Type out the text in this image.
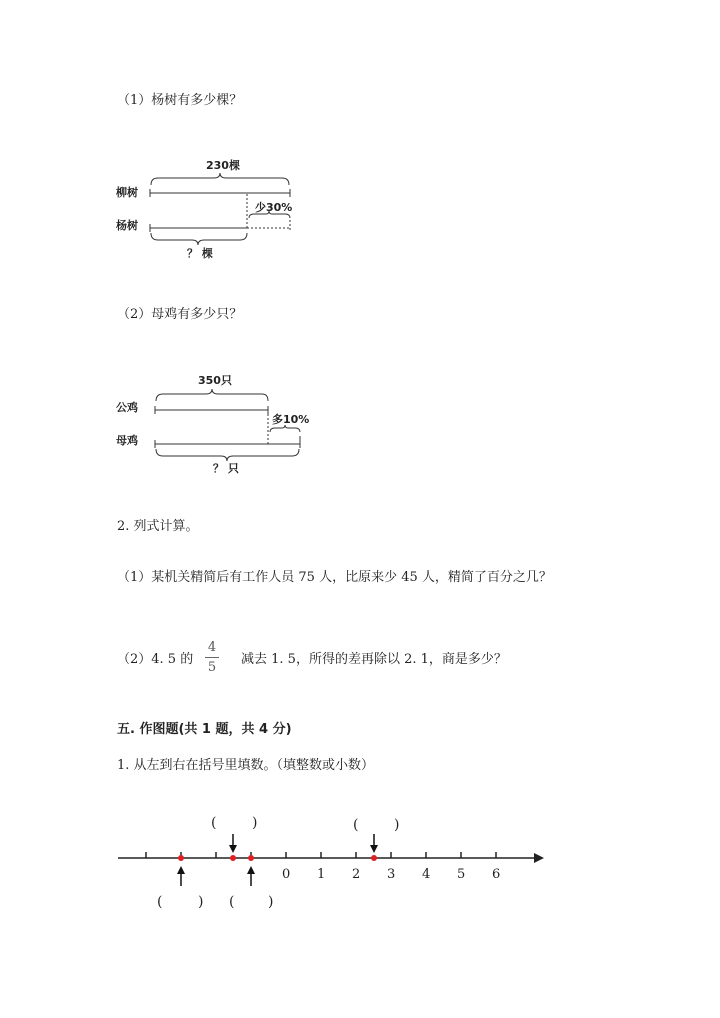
（1）杨树有多少棵？
230棵
柳树
少30%
杨树
？ 棵
350只
公鸡
多10%
母鸡
？ 只
（2）母鸡有多少只？
2. 列式计算。
（1）某机关精简后有工作人员 75 人，比原来少 45 人，精简了百分之几？
（2）4. 5 的
4
5
减去 1. 5，所得的差再除以 2. 1，商是多少？
五. 作图题(共 1 题，共 4 分)
1. 从左到右在括号里填数。（填整数或小数）
0 1 2 3 4 5 6
(	)	(	)
(	) ( )
